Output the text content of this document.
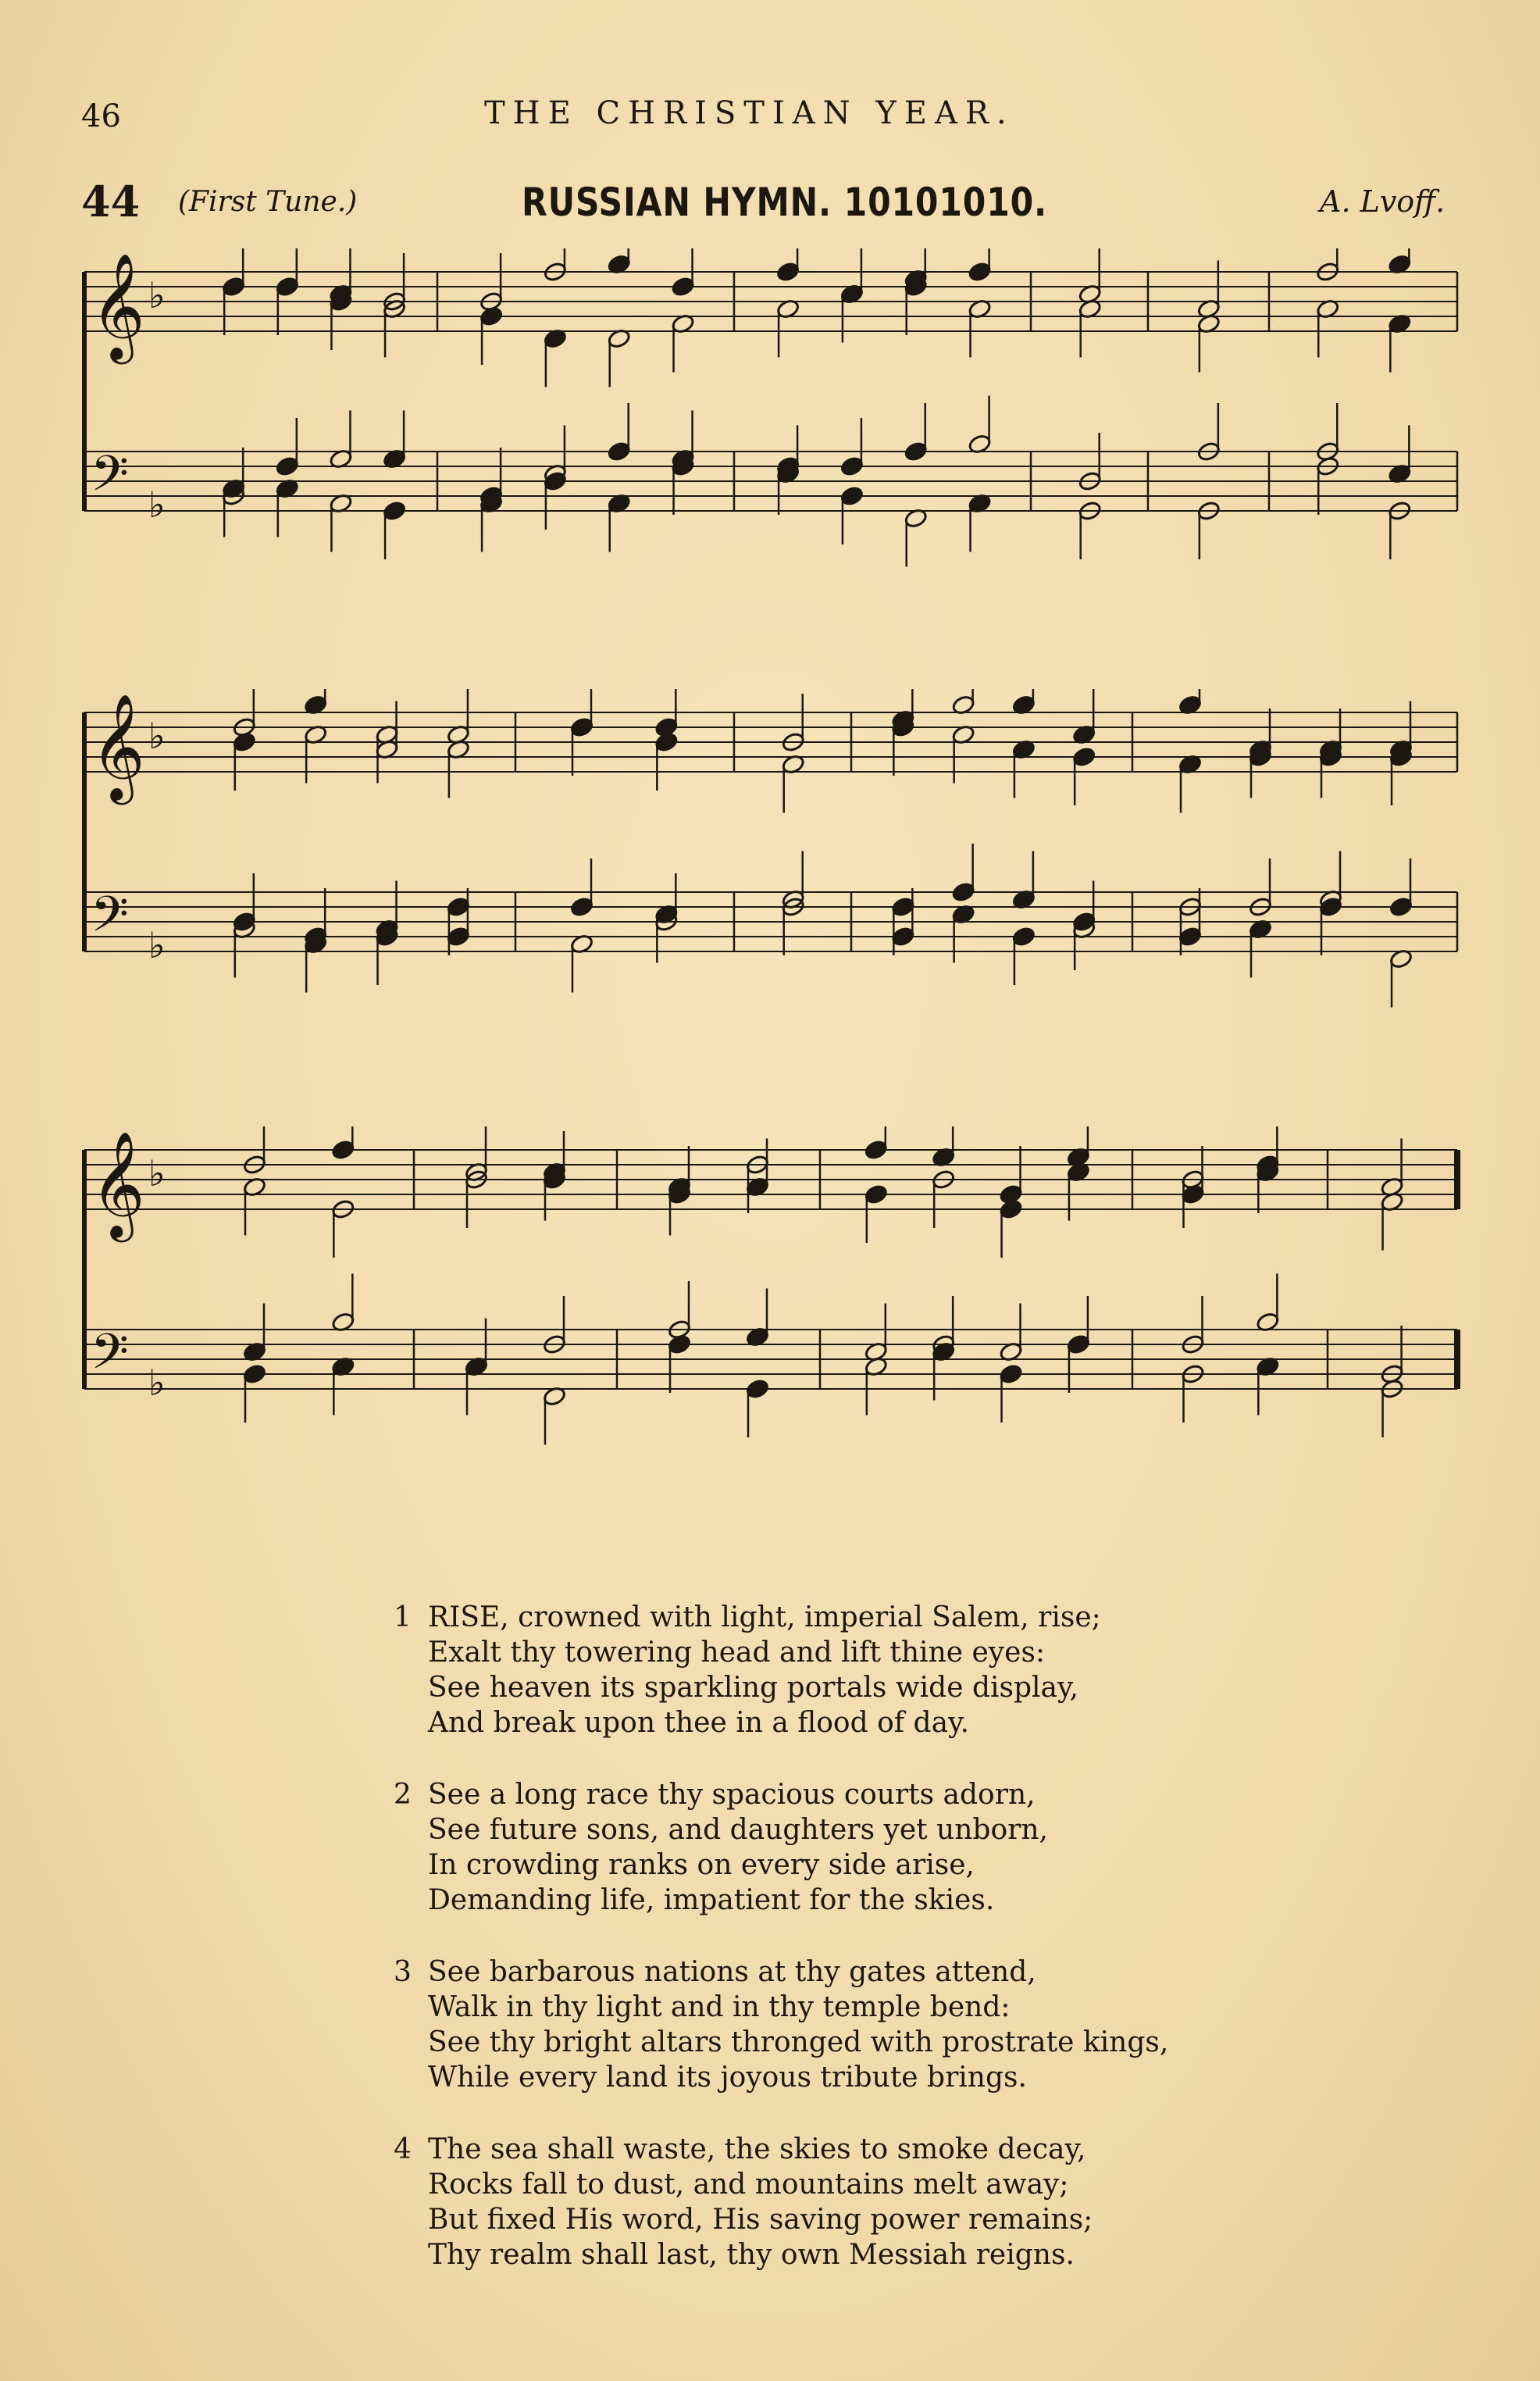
46	THE CHRISTIAN YEAR.
44 (First Tune.)	RUSSIAN HYMN. 10101010.	A. Lvoff.
𝄞 ♭
𝄢 ♭
𝄞 ♭
𝄢 ♭
𝄞 ♭
𝄢 ♭
1 RISE, crowned with light, imperial Salem, rise;
Exalt thy towering head and lift thine eyes:
See heaven its sparkling portals wide display,
And break upon thee in a flood of day.
2 See a long race thy spacious courts adorn,
See future sons, and daughters yet unborn,
In crowding ranks on every side arise,
Demanding life, impatient for the skies.
3 See barbarous nations at thy gates attend,
Walk in thy light and in thy temple bend:
See thy bright altars thronged with prostrate kings,
While every land its joyous tribute brings.
4 The sea shall waste, the skies to smoke decay,
Rocks fall to dust, and mountains melt away;
But fixed His word, His saving power remains;
Thy realm shall last, thy own Messiah reigns.
